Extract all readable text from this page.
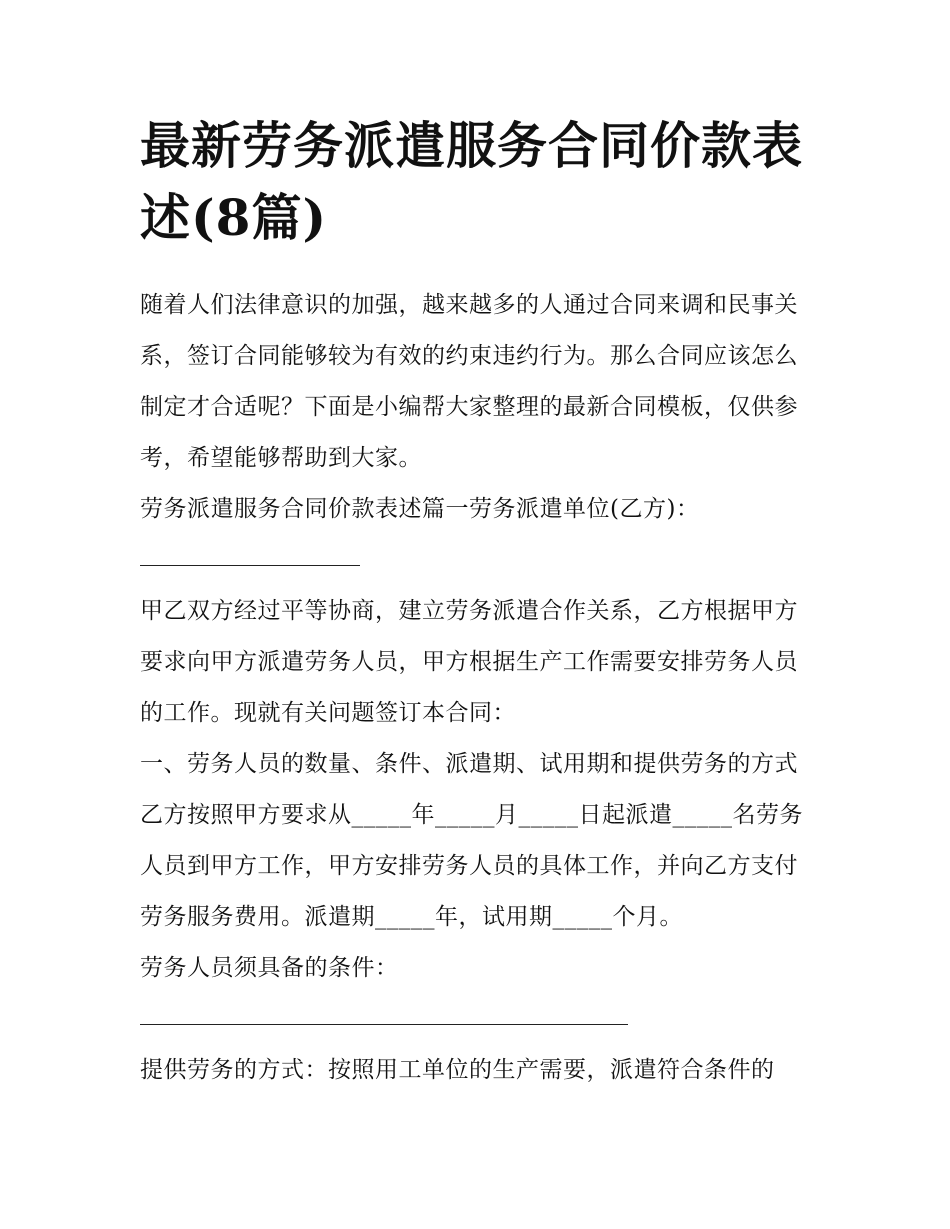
最新劳务派遣服务合同价款表述(8篇)

随着人们法律意识的加强，越来越多的人通过合同来调和民事关系，签订合同能够较为有效的约束违约行为。那么合同应该怎么制定才合适呢？下面是小编帮大家整理的最新合同模板，仅供参考，希望能够帮助到大家。

劳务派遣服务合同价款表述篇一劳务派遣单位(乙方)：

甲乙双方经过平等协商，建立劳务派遣合作关系，乙方根据甲方要求向甲方派遣劳务人员，甲方根据生产工作需要安排劳务人员的工作。现就有关问题签订本合同：

一、劳务人员的数量、条件、派遣期、试用期和提供劳务的方式

乙方按照甲方要求从_____年_____月_____日起派遣_____名劳务人员到甲方工作，甲方安排劳务人员的具体工作，并向乙方支付劳务服务费用。派遣期_____年，试用期_____个月。

劳务人员须具备的条件：

提供劳务的方式：按照用工单位的生产需要，派遣符合条件的
